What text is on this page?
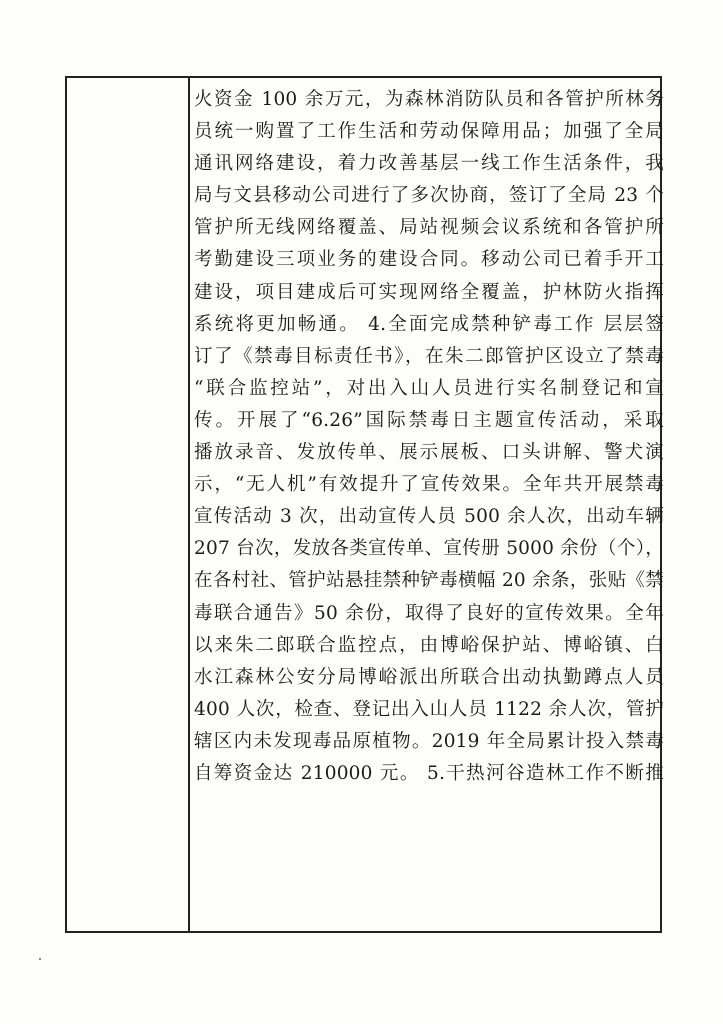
火资金 100 余万元，为森林消防队员和各管护所林务
员统一购置了工作生活和劳动保障用品；加强了全局
通讯网络建设，着力改善基层一线工作生活条件，我
局与文县移动公司进行了多次协商，签订了全局 23 个
管护所无线网络覆盖、局站视频会议系统和各管护所
考勤建设三项业务的建设合同。移动公司已着手开工
建设，项目建成后可实现网络全覆盖，护林防火指挥
系统将更加畅通。 4.全面完成禁种铲毒工作 层层签
订了《禁毒目标责任书》，在朱二郎管护区设立了禁毒
“联合监控站”，对出入山人员进行实名制登记和宣
传。开展了“6.26”国际禁毒日主题宣传活动，采取
播放录音、发放传单、展示展板、口头讲解、警犬演
示，“无人机”有效提升了宣传效果。全年共开展禁毒
宣传活动 3 次，出动宣传人员 500 余人次，出动车辆
207 台次，发放各类宣传单、宣传册 5000 余份（个），
在各村社、管护站悬挂禁种铲毒横幅 20 余条，张贴《禁
毒联合通告》50 余份，取得了良好的宣传效果。全年
以来朱二郎联合监控点，由博峪保护站、博峪镇、白
水江森林公安分局博峪派出所联合出动执勤蹲点人员
400 人次，检查、登记出入山人员 1122 余人次，管护
辖区内未发现毒品原植物。2019 年全局累计投入禁毒
自筹资金达 210000 元。 5.干热河谷造林工作不断推
